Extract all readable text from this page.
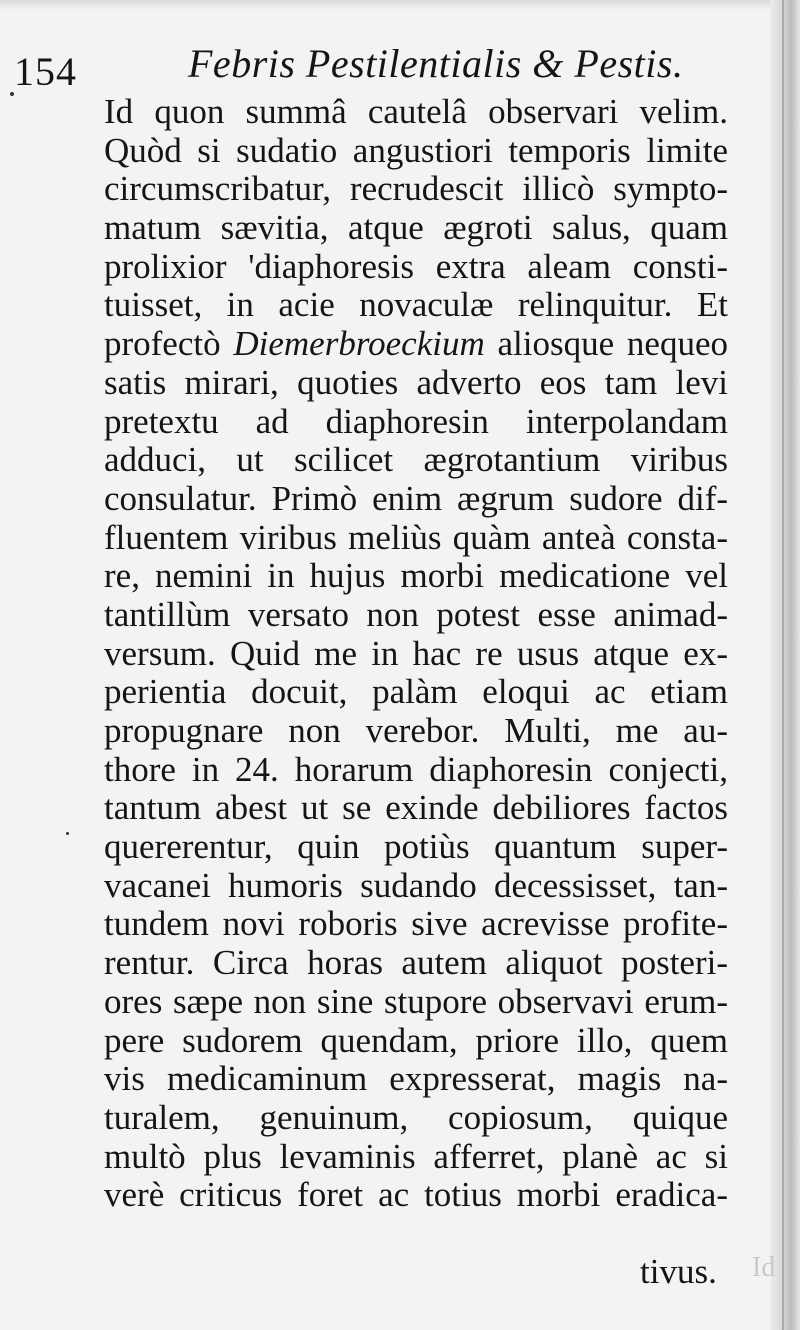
154	Febris Pestilentialis & Pestis.
Id quon summâ cautelâ observari velim.
Quòd si sudatio angustiori temporis limite
circumscribatur, recrudescit illicò sympto-
matum sævitia, atque ægroti salus, quam
prolixior 'diaphoresis extra aleam consti-
tuisset, in acie novaculæ relinquitur. Et
profectò Diemerbroeckium aliosque nequeo
satis mirari, quoties adverto eos tam levi
pretextu ad diaphoresin interpolandam
adduci, ut scilicet ægrotantium viribus
consulatur. Primò enim ægrum sudore dif-
fluentem viribus meliùs quàm anteà consta-
re, nemini in hujus morbi medicatione vel
tantillùm versato non potest esse animad-
versum. Quid me in hac re usus atque ex-
perientia docuit, palàm eloqui ac etiam
propugnare non verebor. Multi, me au-
thore in 24. horarum diaphoresin conjecti,
tantum abest ut se exinde debiliores factos
quererentur, quin potiùs quantum super-
vacanei humoris sudando decessisset, tan-
tundem novi roboris sive acrevisse profite-
rentur. Circa horas autem aliquot posteri-
ores sæpe non sine stupore observavi erum-
pere sudorem quendam, priore illo, quem
vis medicaminum expresserat, magis na-
turalem, genuinum, copiosum, quique
multò plus levaminis afferret, planè ac si
verè criticus foret ac totius morbi eradica-
tivus. Id
